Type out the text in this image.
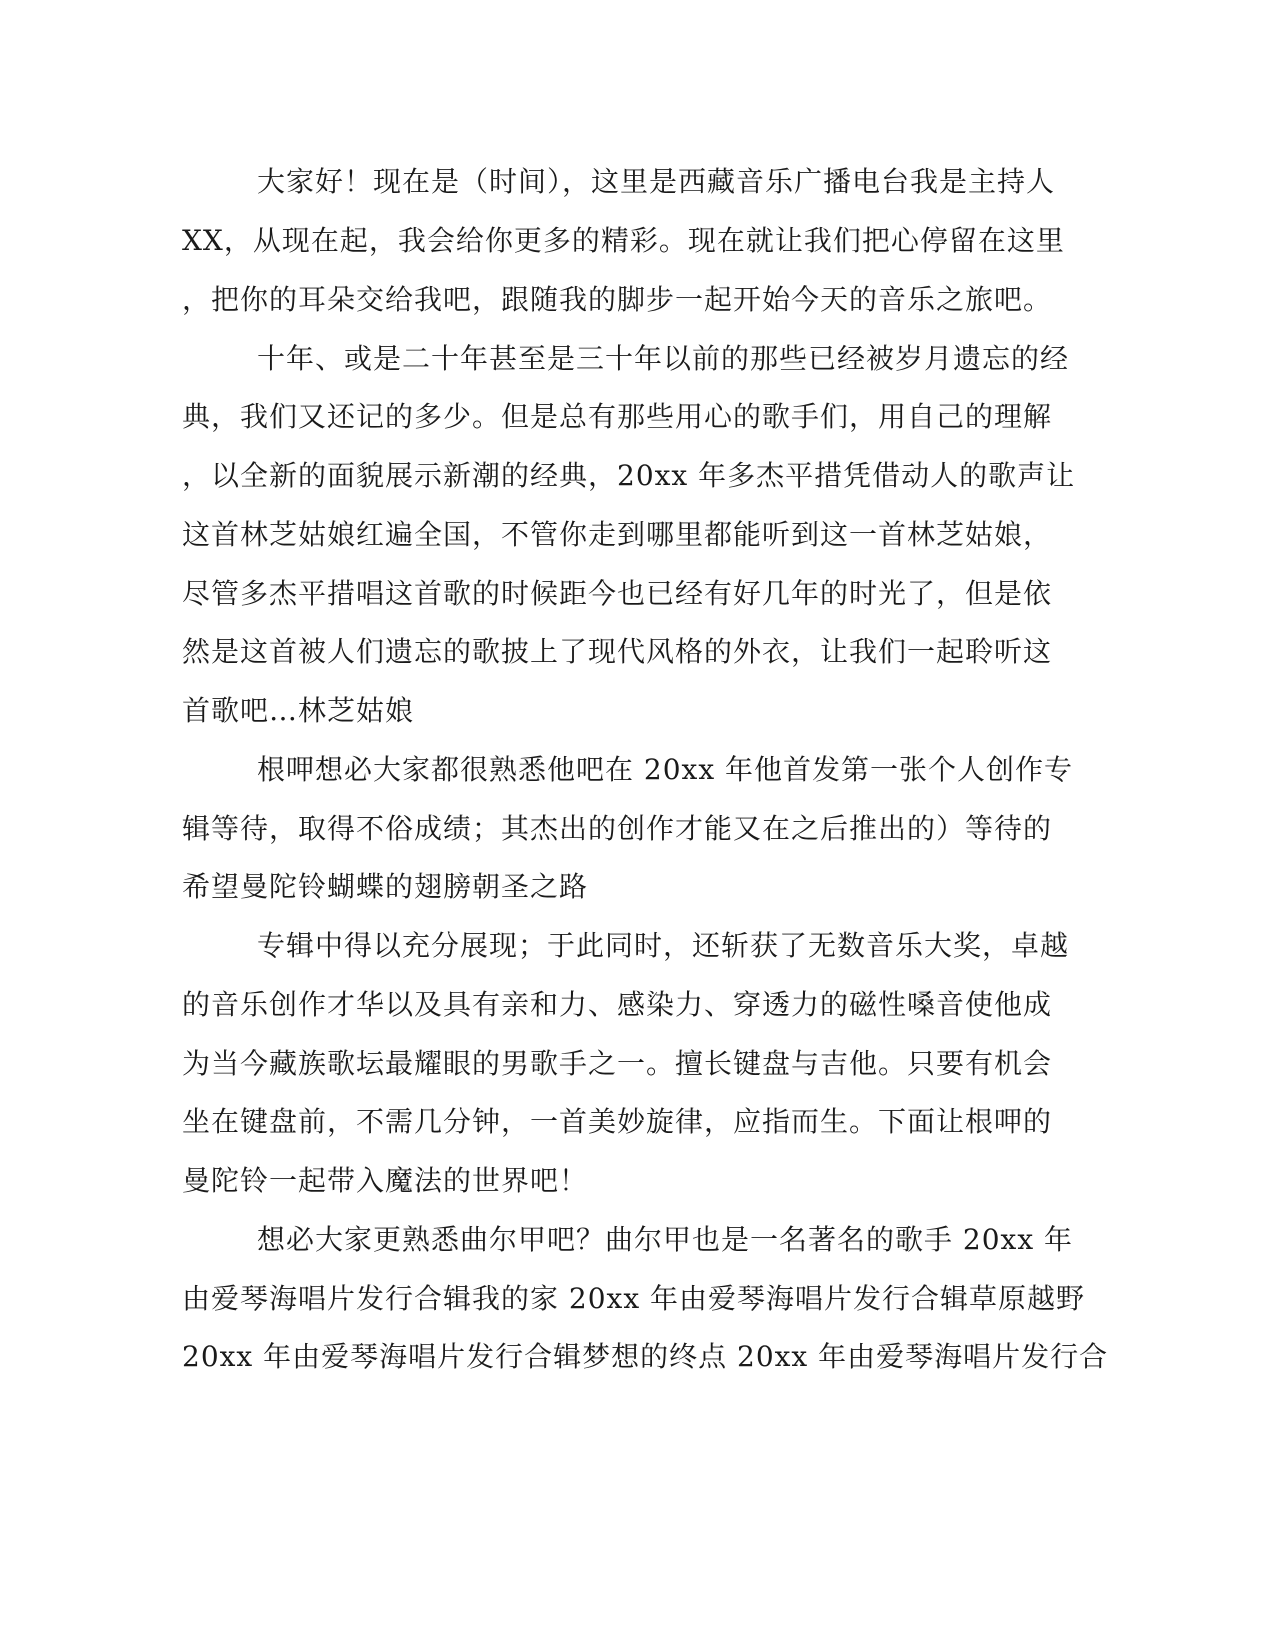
大家好！现在是（时间），这里是西藏音乐广播电台我是主持人
XX，从现在起，我会给你更多的精彩。现在就让我们把心停留在这里
，把你的耳朵交给我吧，跟随我的脚步一起开始今天的音乐之旅吧。
十年、或是二十年甚至是三十年以前的那些已经被岁月遗忘的经
典，我们又还记的多少。但是总有那些用心的歌手们，用自己的理解
，以全新的面貌展示新潮的经典，20xx 年多杰平措凭借动人的歌声让
这首林芝姑娘红遍全国，不管你走到哪里都能听到这一首林芝姑娘，
尽管多杰平措唱这首歌的时候距今也已经有好几年的时光了，但是依
然是这首被人们遗忘的歌披上了现代风格的外衣，让我们一起聆听这
首歌吧…林芝姑娘
根呷想必大家都很熟悉他吧在 20xx 年他首发第一张个人创作专
辑等待，取得不俗成绩；其杰出的创作才能又在之后推出的）等待的
希望曼陀铃蝴蝶的翅膀朝圣之路
专辑中得以充分展现；于此同时，还斩获了无数音乐大奖，卓越
的音乐创作才华以及具有亲和力、感染力、穿透力的磁性嗓音使他成
为当今藏族歌坛最耀眼的男歌手之一。擅长键盘与吉他。只要有机会
坐在键盘前，不需几分钟，一首美妙旋律，应指而生。下面让根呷的
曼陀铃一起带入魔法的世界吧！
想必大家更熟悉曲尔甲吧？曲尔甲也是一名著名的歌手 20xx 年
由爱琴海唱片发行合辑我的家 20xx 年由爱琴海唱片发行合辑草原越野
20xx 年由爱琴海唱片发行合辑梦想的终点 20xx 年由爱琴海唱片发行合
